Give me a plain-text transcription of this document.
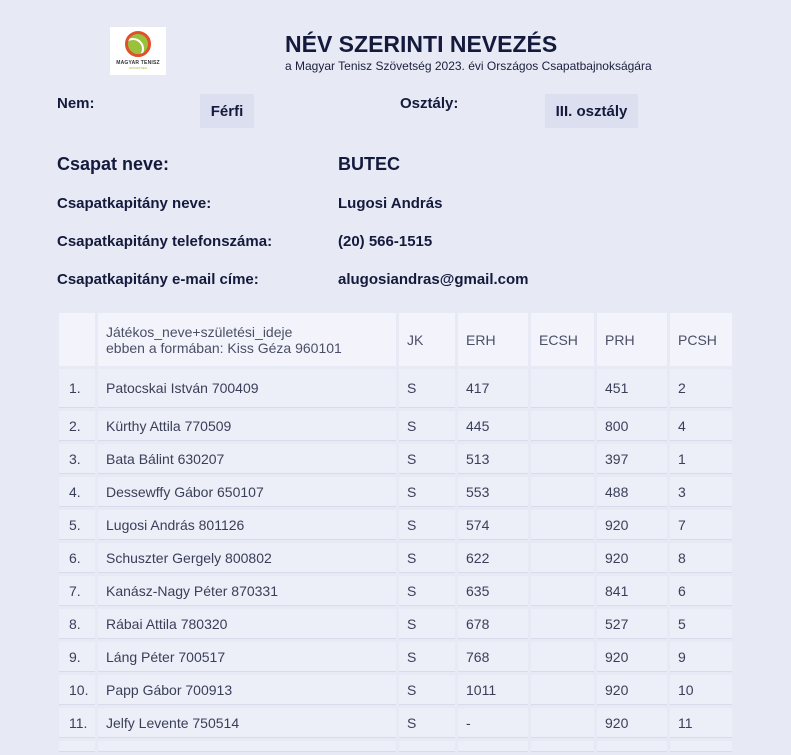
MAGYAR TENISZ
SZÖVETSÉG
NÉV SZERINTI NEVEZÉS
a Magyar Tenisz Szövetség 2023. évi Országos Csapatbajnokságára
Nem:	Férfi	Osztály:	III. osztály
Csapat neve:	BUTEC
Csapatkapitány neve:	Lugosi András
Csapatkapitány telefonszáma:	(20) 566-1515
Csapatkapitány e-mail címe:	alugosiandras@gmail.com

	Játékos_neve+születési_ideje
ebben a formában: Kiss Géza 960101	JK	ERH	ECSH	PRH	PCSH
1.	Patocskai István 700409	S	417		451	2
2.	Kürthy Attila 770509	S	445		800	4
3.	Bata Bálint 630207	S	513		397	1
4.	Dessewffy Gábor 650107	S	553		488	3
5.	Lugosi András 801126	S	574		920	7
6.	Schuszter Gergely 800802	S	622		920	8
7.	Kanász-Nagy Péter 870331	S	635		841	6
8.	Rábai Attila 780320	S	678		527	5
9.	Láng Péter 700517	S	768		920	9
10.	Papp Gábor 700913	S	1011		920	10
11.	Jelfy Levente 750514	S	-		920	11
